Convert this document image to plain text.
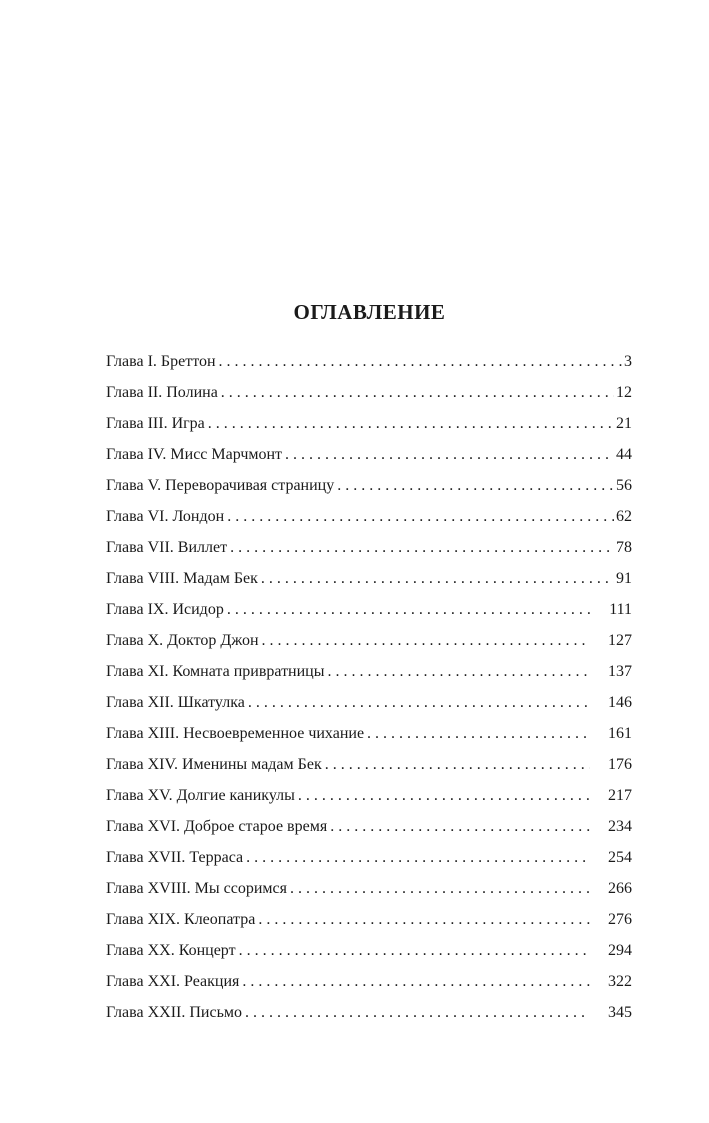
ОГЛАВЛЕНИЕ
Глава I. Бреттон . . .	3
Глава II. Полина . . .	12
Глава III. Игра . . .	21
Глава IV. Мисс Марчмонт . . .	44
Глава V. Переворачивая страницу . . .	56
Глава VI. Лондон . . .	62
Глава VII. Виллет . . .	78
Глава VIII. Мадам Бек . . .	91
Глава IX. Исидор . . .	111
Глава X. Доктор Джон . . .	127
Глава XI. Комната привратницы . . .	137
Глава XII. Шкатулка . . .	146
Глава XIII. Несвоевременное чихание . . .	161
Глава XIV. Именины мадам Бек . . .	176
Глава XV. Долгие каникулы . . .	217
Глава XVI. Доброе старое время . . .	234
Глава XVII. Терраса . . .	254
Глава XVIII. Мы ссоримся . . .	266
Глава XIX. Клеопатра . . .	276
Глава XX. Концерт . . .	294
Глава XXI. Реакция . . .	322
Глава XXII. Письмо . . .	345
